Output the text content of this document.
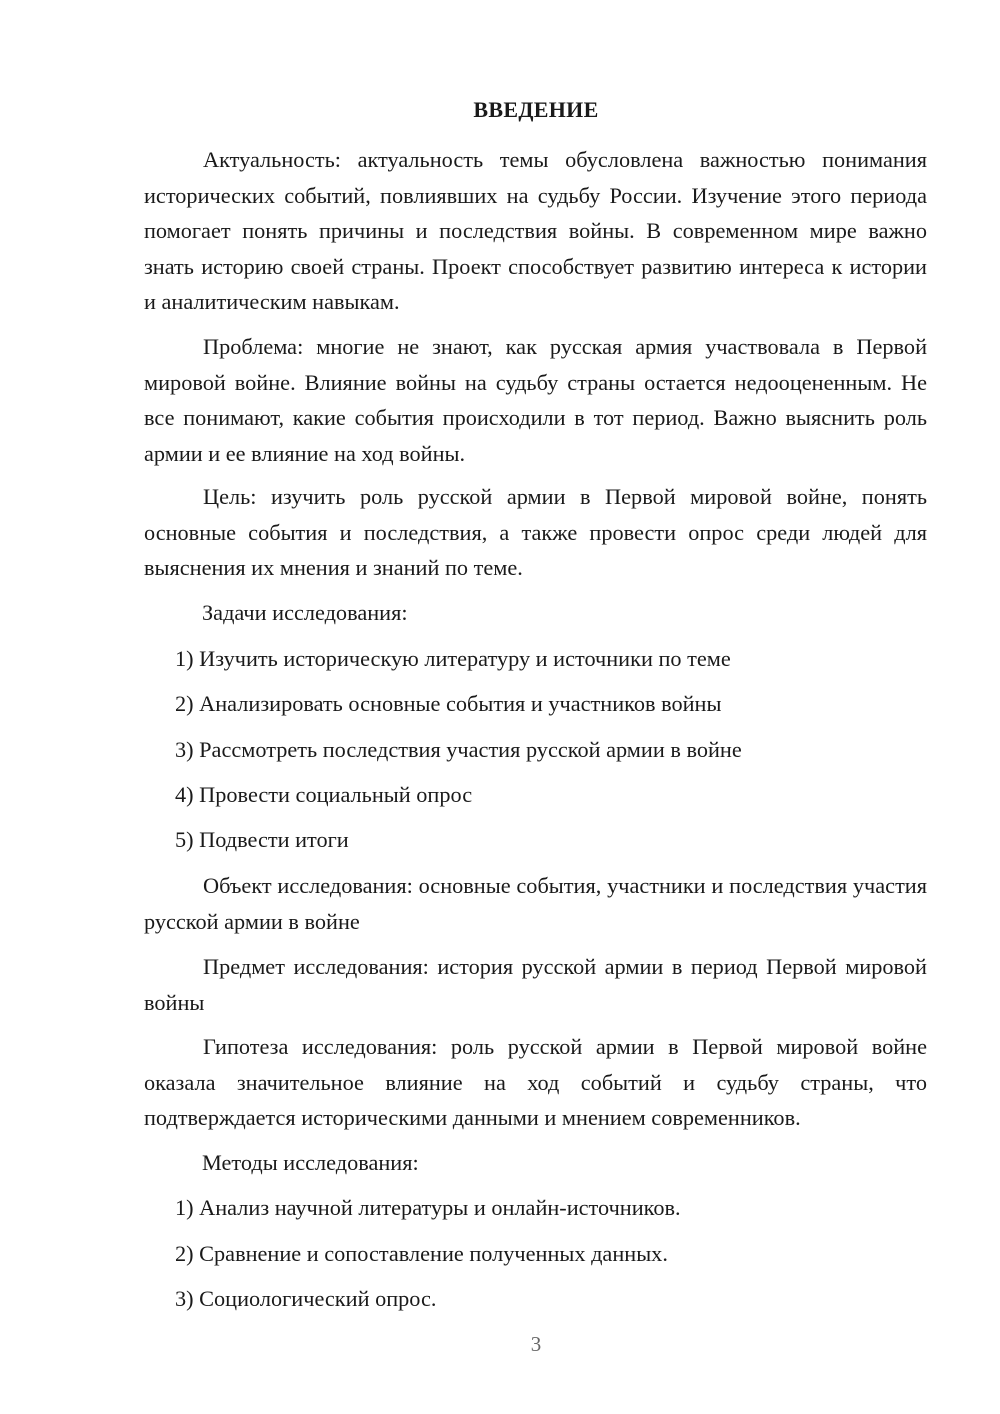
ВВЕДЕНИЕ

Актуальность: актуальность темы обусловлена важностью понимания исторических событий, повлиявших на судьбу России. Изучение этого периода помогает понять причины и последствия войны. В современном мире важно знать историю своей страны. Проект способствует развитию интереса к истории и аналитическим навыкам.

Проблема: многие не знают, как русская армия участвовала в Первой мировой войне. Влияние войны на судьбу страны остается недооцененным. Не все понимают, какие события происходили в тот период. Важно выяснить роль армии и ее влияние на ход войны.

Цель: изучить роль русской армии в Первой мировой войне, понять основные события и последствия, а также провести опрос среди людей для выяснения их мнения и знаний по теме.

Задачи исследования:
1) Изучить историческую литературу и источники по теме
2) Анализировать основные события и участников войны
3) Рассмотреть последствия участия русской армии в войне
4) Провести социальный опрос
5) Подвести итоги

Объект исследования: основные события, участники и последствия участия русской армии в войне

Предмет исследования: история русской армии в период Первой мировой войны

Гипотеза исследования: роль русской армии в Первой мировой войне оказала значительное влияние на ход событий и судьбу страны, что подтверждается историческими данными и мнением современников.

Методы исследования:
1) Анализ научной литературы и онлайн-источников.
2) Сравнение и сопоставление полученных данных.
3) Социологический опрос.
3
